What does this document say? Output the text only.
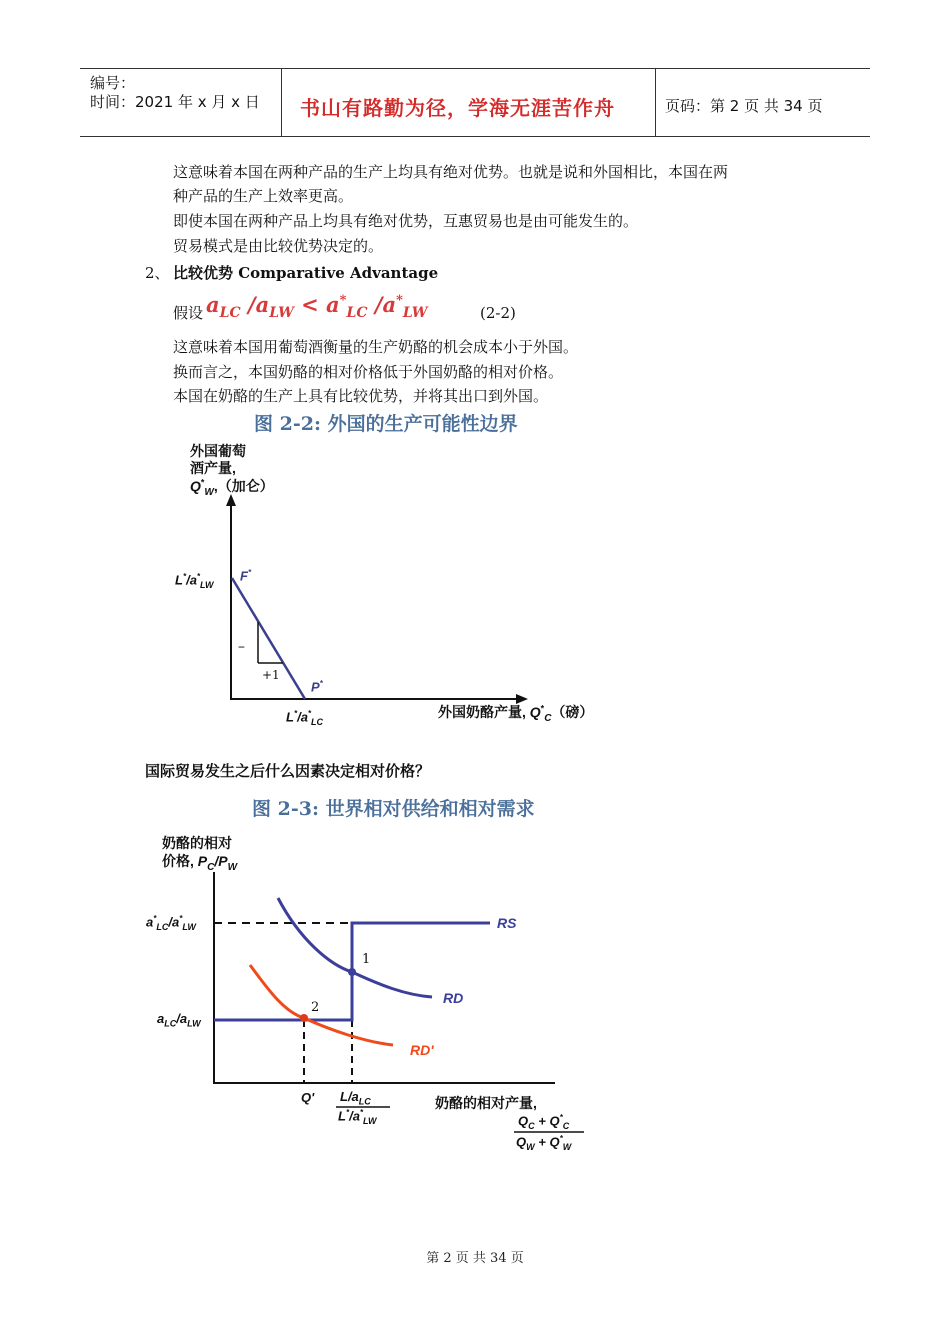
编号：
时间：2021 年 x 月 x 日 书山有路勤为径，学海无涯苦作舟	页码：第 2 页 共 34 页
这意味着本国在两种产品的生产上均具有绝对优势。也就是说和外国相比，本国在两
种产品的生产上效率更高。
即使本国在两种产品上均具有绝对优势，互惠贸易也是由可能发生的。
贸易模式是由比较优势决定的。
2、 比较优势 Comparative Advantage
假设 $a_{LC}$ $/a_{LW} < a^*_{LC}$ $/a^*_{LW}$	(2-2)
这意味着本国用葡萄酒衡量的生产奶酪的机会成本小于外国。
换而言之，本国奶酪的相对价格低于外国奶酪的相对价格。
本国在奶酪的生产上具有比较优势，并将其出口到外国。
图 2-2: 外国的生产可能性边界
外国葡萄
酒产量,
$Q^*_W$,（加仑）
$L^*/a^*_{LW}$
F*
–
+1
P*
$L^*/a^*_{LC}$
外国奶酪产量, $Q^*_C$（磅）
国际贸易发生之后什么因素决定相对价格？
图 2-3: 世界相对供给和相对需求
奶酪的相对
价格, $P_C/P_W$
$a^*_{LC}/a^*_{LW}$
$a_{LC}/a_{LW}$
RS
RD
RD'
1
2
Q' $L/a_{LC}$
$L^*/a^*_{LW}$
奶酪的相对产量,
$Q_C + Q^*_C$
$Q_W + Q^*_W$
第 2 页 共 34 页
